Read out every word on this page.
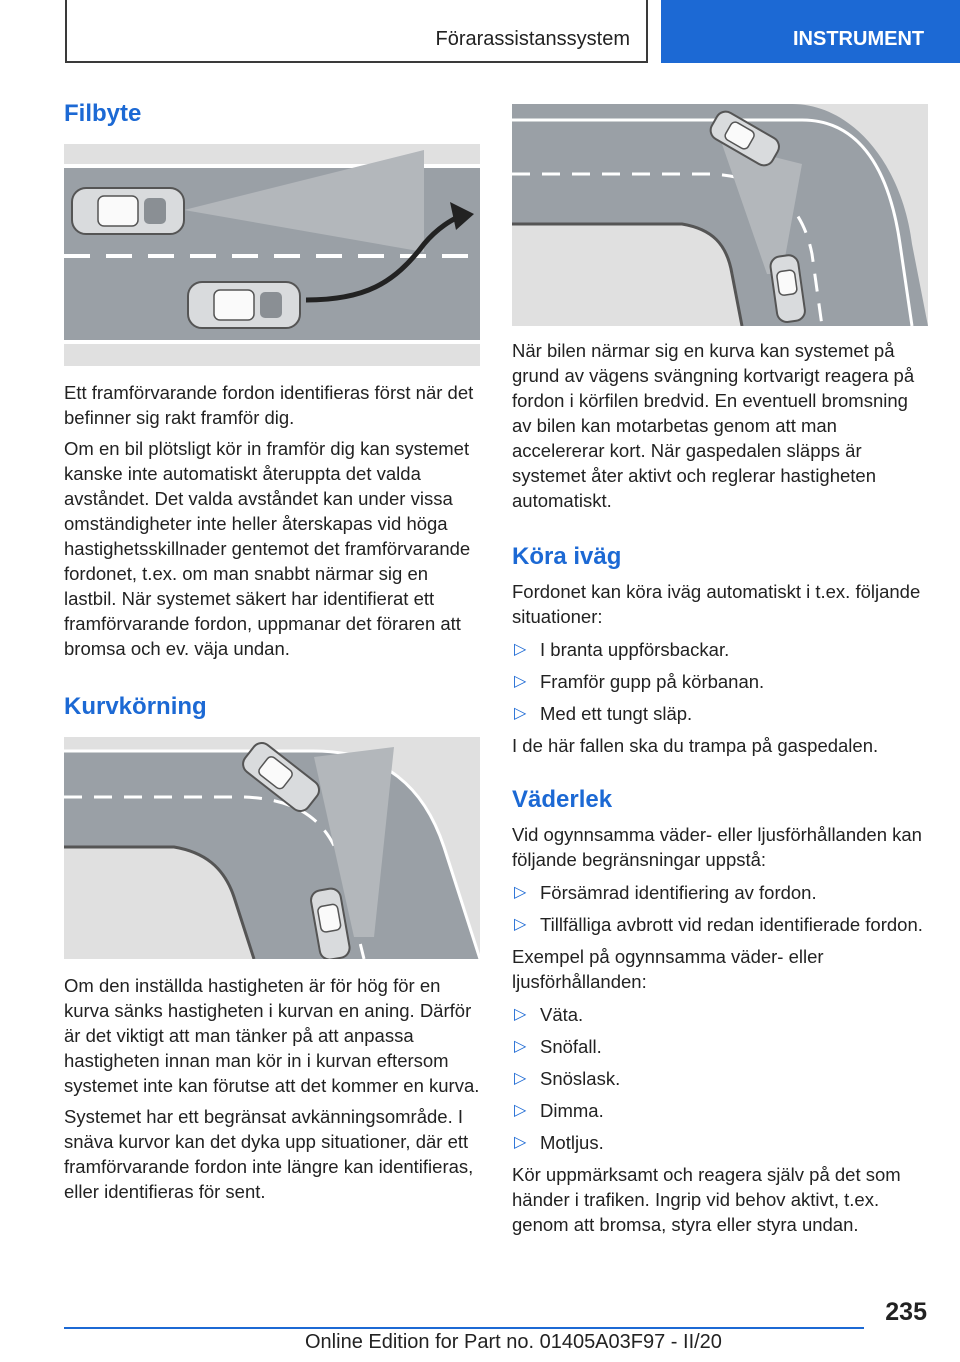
Förarassistanssystem	INSTRUMENT
Filbyte

Ett framförvarande fordon identifieras först när det befinner sig rakt framför dig.

Om en bil plötsligt kör in framför dig kan systemet kanske inte automatiskt återuppta det valda avståndet. Det valda avståndet kan under vissa omständigheter inte heller återskapas vid höga hastighetsskillnader gentemot det framförvarande fordonet, t.ex. om man snabbt närmar sig en lastbil. När systemet säkert har identifierat ett framförvarande fordon, uppmanar det föraren att bromsa och ev. väja undan.

Kurvkörning

Om den inställda hastigheten är för hög för en kurva sänks hastigheten i kurvan en aning. Därför är det viktigt att man tänker på att anpassa hastigheten innan man kör in i kurvan eftersom systemet inte kan förutse att det kommer en kurva.

Systemet har ett begränsat avkänningsområde. I snäva kurvor kan det dyka upp situationer, där ett framförvarande fordon inte längre kan identifieras, eller identifieras för sent.

När bilen närmar sig en kurva kan systemet på grund av vägens svängning kortvarigt reagera på fordon i körfilen bredvid. En eventuell bromsning av bilen kan motarbetas genom att man accelererar kort. När gaspedalen släpps är systemet åter aktivt och reglerar hastigheten automatiskt.

Köra iväg

Fordonet kan köra iväg automatiskt i t.ex. följande situationer:

▷ I branta uppförsbackar.
▷ Framför gupp på körbanan.
▷ Med ett tungt släp.

I de här fallen ska du trampa på gaspedalen.

Väderlek

Vid ogynnsamma väder- eller ljusförhållanden kan följande begränsningar uppstå:

▷ Försämrad identifiering av fordon.
▷ Tillfälliga avbrott vid redan identifierade fordon.

Exempel på ogynnsamma väder- eller ljusförhållanden:

▷ Väta.
▷ Snöfall.
▷ Snöslask.
▷ Dimma.
▷ Motljus.

Kör uppmärksamt och reagera själv på det som händer i trafiken. Ingrip vid behov aktivt, t.ex. genom att bromsa, styra eller styra undan.

235
Online Edition for Part no. 01405A03F97 - II/20
